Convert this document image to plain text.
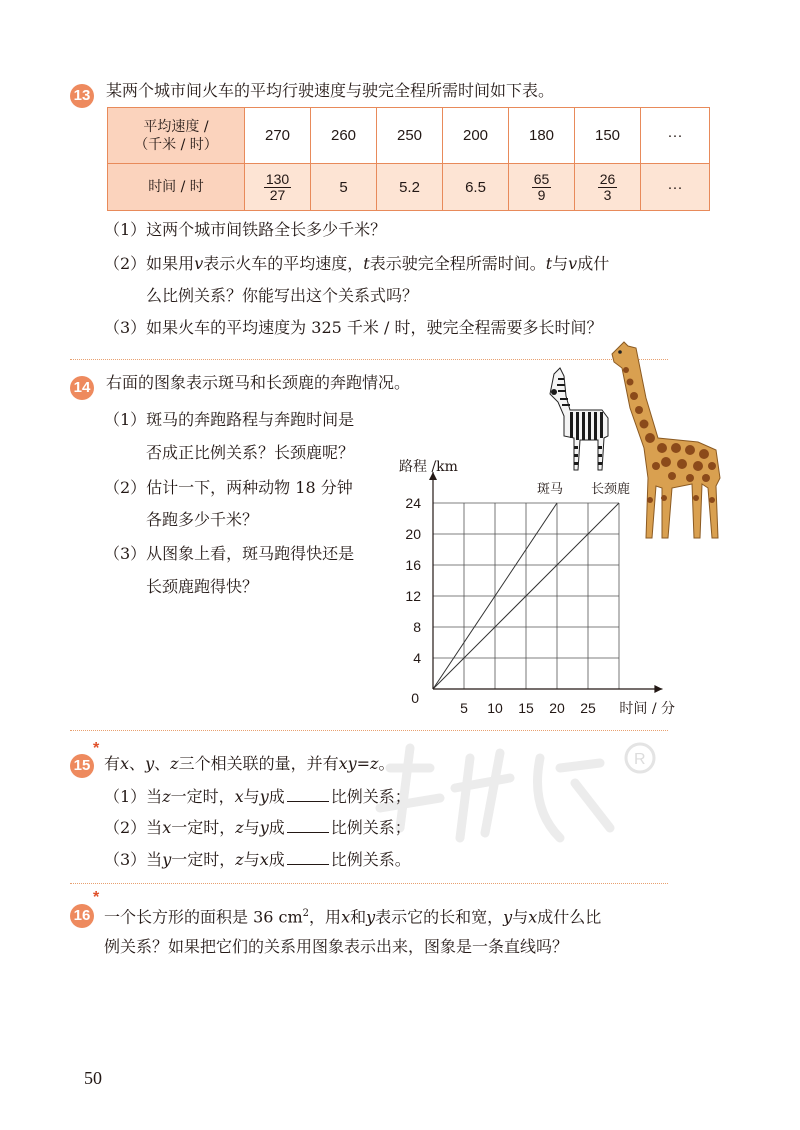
13 某两个城市间火车的平均行驶速度与驶完全程所需时间如下表。
平均速度 /
（千米 / 时）	270	260	250	200	180	150	···
时间 / 时	$\frac{130}{27}$	5	5.2	6.5	$\frac{65}{9}$	$\frac{26}{3}$	···
（1）这两个城市间铁路全长多少千米？
（2）如果用v表示火车的平均速度，t表示驶完全程所需时间。t与v成什
么比例关系？你能写出这个关系式吗？
（3）如果火车的平均速度为 325 千米 / 时，驶完全程需要多长时间？
14 右面的图象表示斑马和长颈鹿的奔跑情况。
（1）斑马的奔跑路程与奔跑时间是
否成正比例关系？长颈鹿呢？
（2）估计一下，两种动物 18 分钟
各跑多少千米？
（3）从图象上看，斑马跑得快还是
长颈鹿跑得快？
斑马 长颈鹿
5 10 15 20 25
4
8
12
16
20
24
0
路程 /km
时间 / 分
R
15
*
有x、y、z三个相关联的量，并有xy=z。
（1）当z一定时，x与y成	比例关系；
（2）当x一定时，z与y成	比例关系；
（3）当y一定时，z与x成	比例关系。
16
*
一个长方形的面积是 36 $cm^2$，用x和y表示它的长和宽，y与x成什么比
例关系？如果把它们的关系用图象表示出来，图象是一条直线吗？
50
